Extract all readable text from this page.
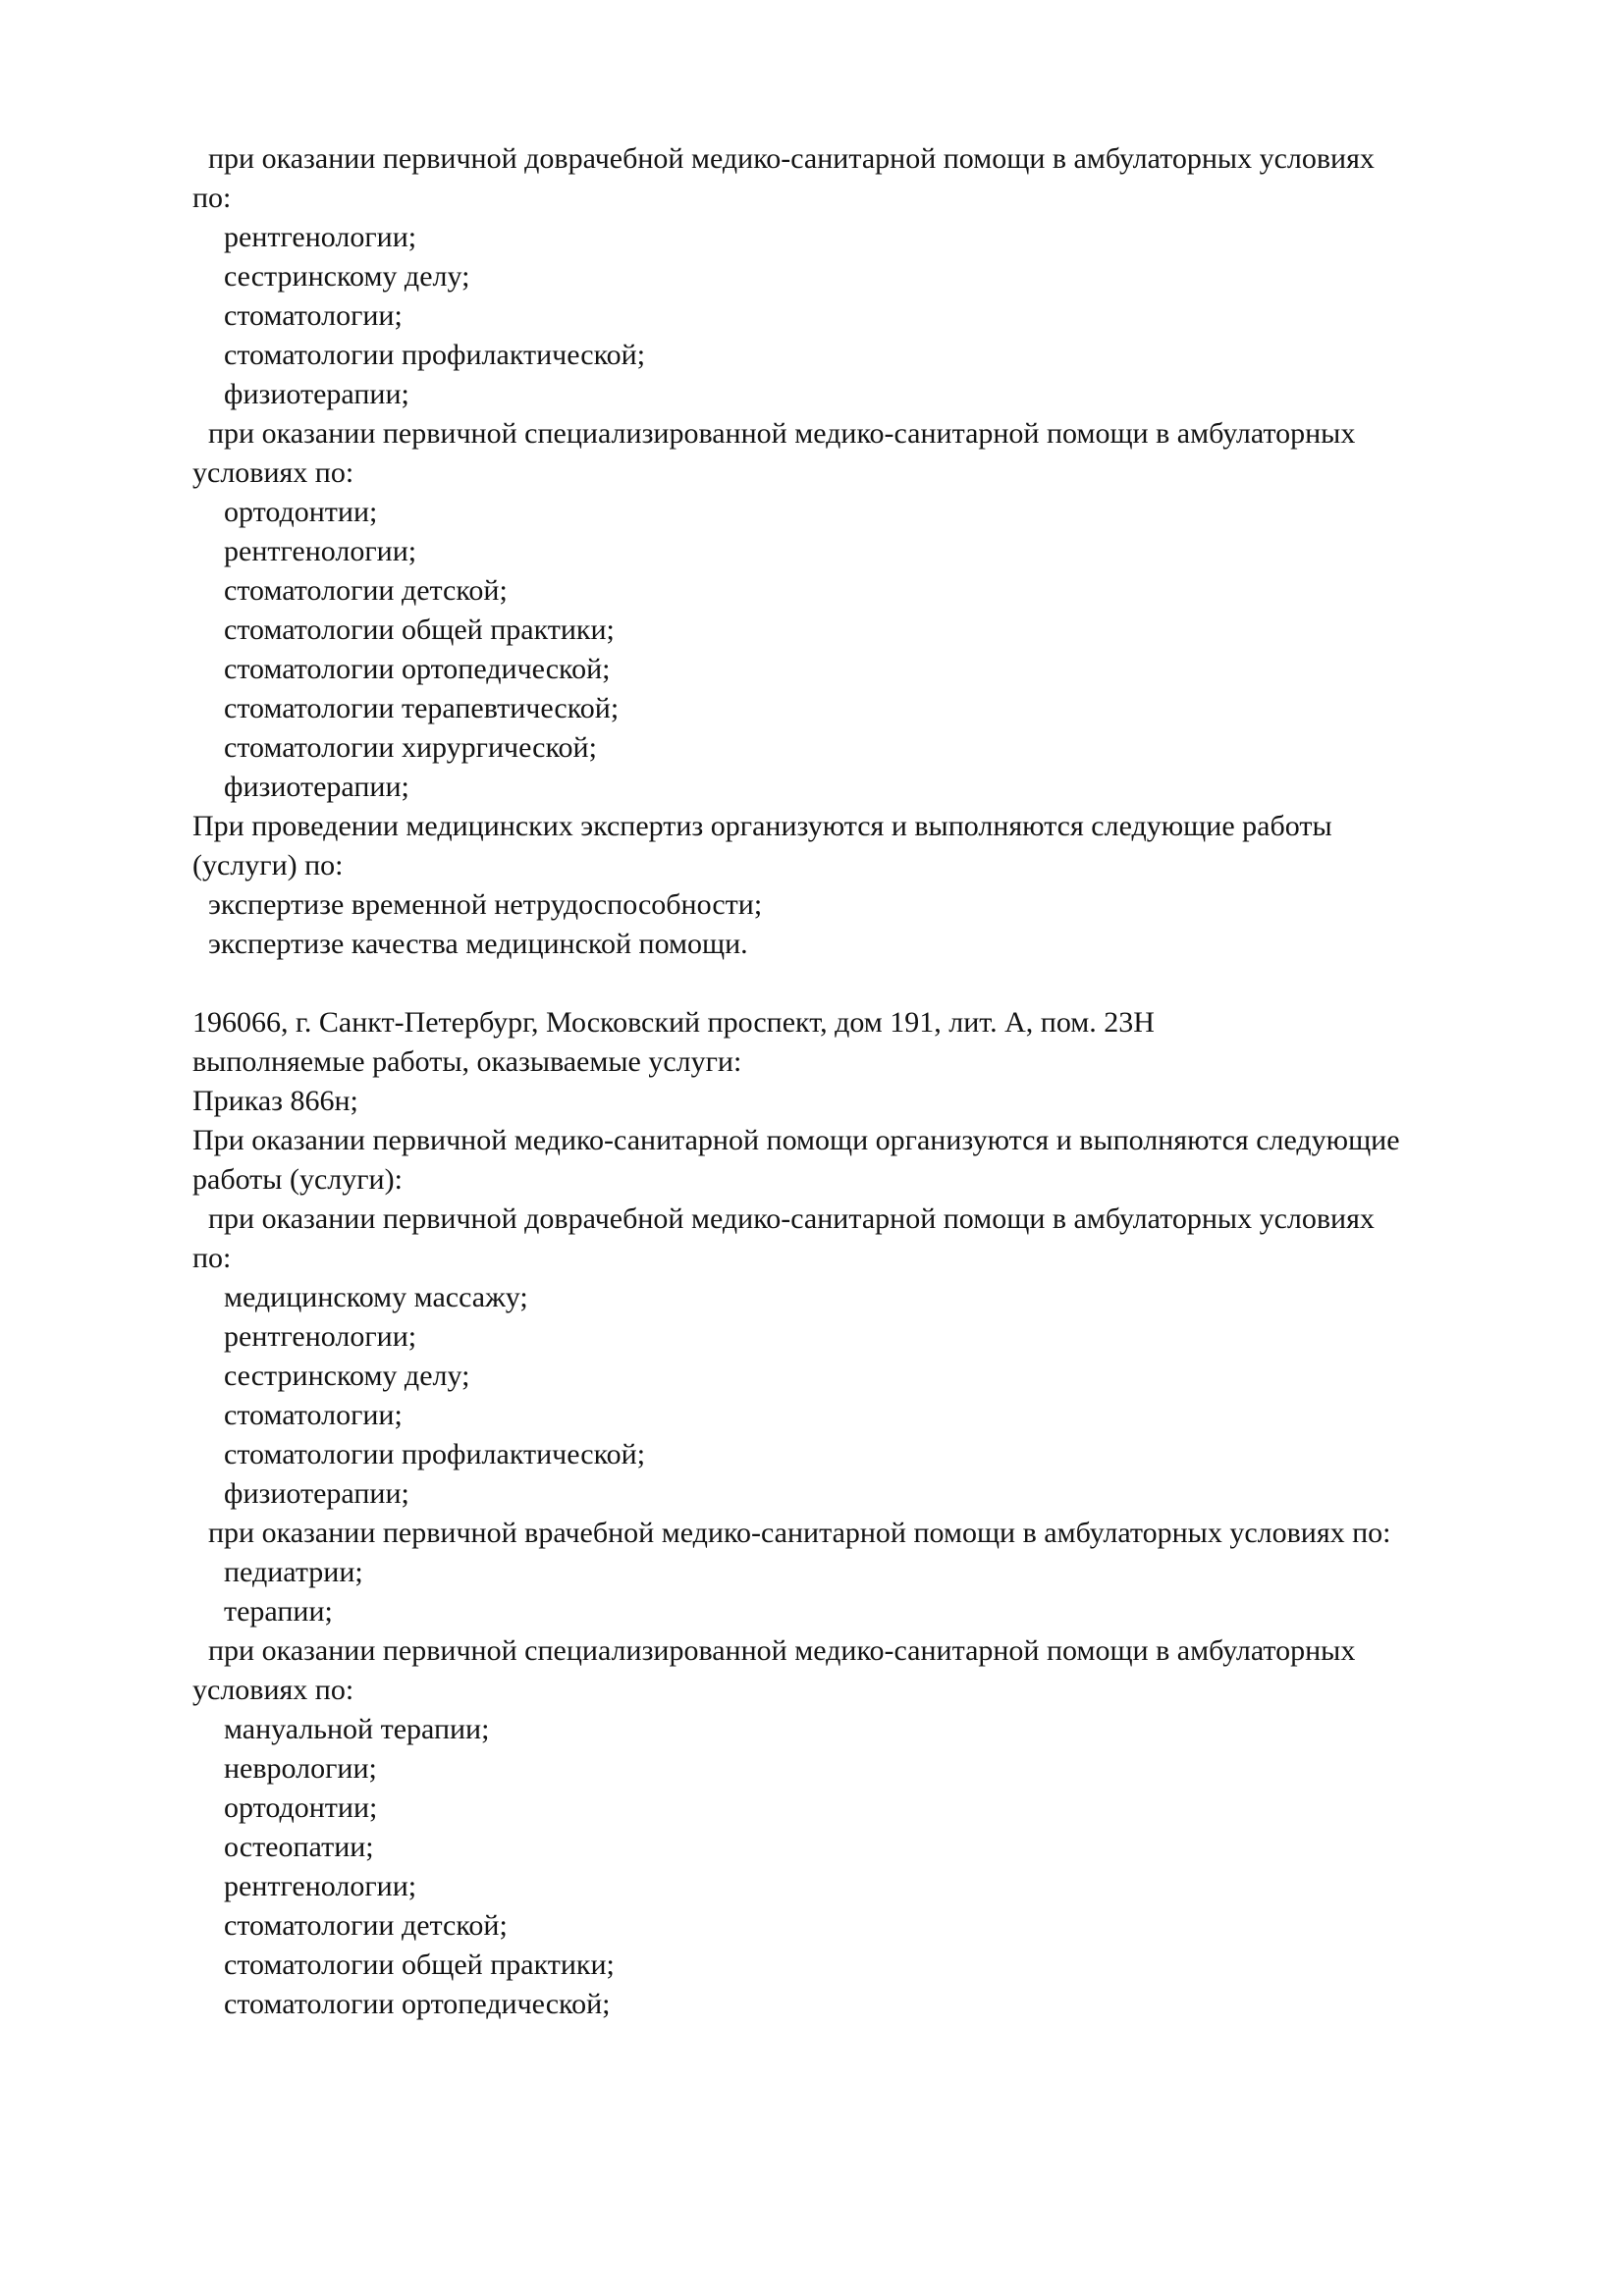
при оказании первичной доврачебной медико-санитарной помощи в амбулаторных условиях
по:
рентгенологии;
сестринскому делу;
стоматологии;
стоматологии профилактической;
физиотерапии;
при оказании первичной специализированной медико-санитарной помощи в амбулаторных
условиях по:
ортодонтии;
рентгенологии;
стоматологии детской;
стоматологии общей практики;
стоматологии ортопедической;
стоматологии терапевтической;
стоматологии хирургической;
физиотерапии;
При проведении медицинских экспертиз организуются и выполняются следующие работы
(услуги) по:
экспертизе временной нетрудоспособности;
экспертизе качества медицинской помощи.
196066, г. Санкт-Петербург, Московский проспект, дом 191, лит. А, пом. 23Н
выполняемые работы, оказываемые услуги:
Приказ 866н;
При оказании первичной медико-санитарной помощи организуются и выполняются следующие
работы (услуги):
при оказании первичной доврачебной медико-санитарной помощи в амбулаторных условиях
по:
медицинскому массажу;
рентгенологии;
сестринскому делу;
стоматологии;
стоматологии профилактической;
физиотерапии;
при оказании первичной врачебной медико-санитарной помощи в амбулаторных условиях по:
педиатрии;
терапии;
при оказании первичной специализированной медико-санитарной помощи в амбулаторных
условиях по:
мануальной терапии;
неврологии;
ортодонтии;
остеопатии;
рентгенологии;
стоматологии детской;
стоматологии общей практики;
стоматологии ортопедической;
